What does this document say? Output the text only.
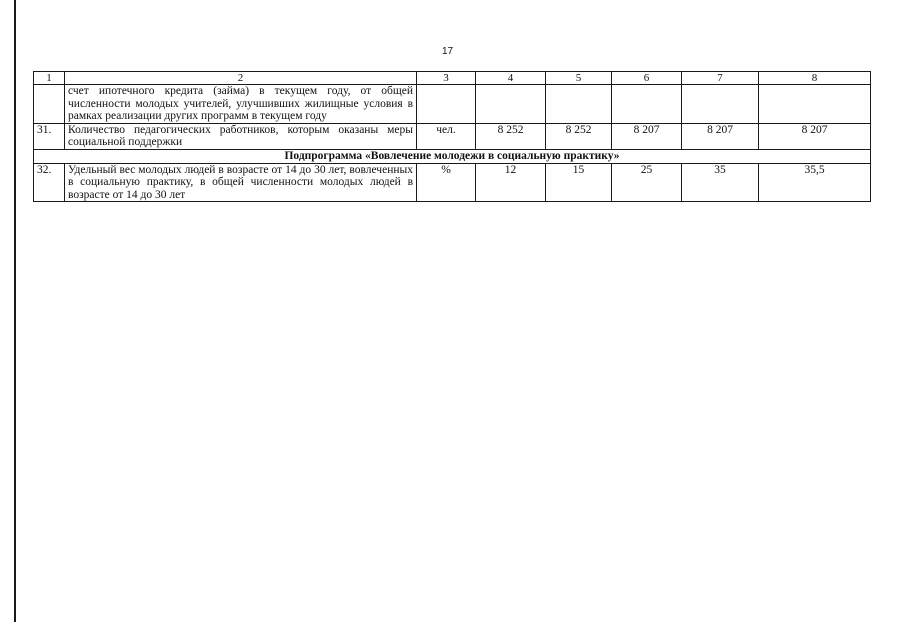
17
1	2	3	4	5	6	7	8
	счет ипотечного кредита (займа) в текущем году, от общей численности молодых учителей, улучшивших жилищные условия в рамках реализации других программ в текущем году						
31.	Количество педагогических работников, которым оказаны меры социальной поддержки	чел.	8 252	8 252	8 207	8 207	8 207
Подпрограмма «Вовлечение молодежи в социальную практику»							
32.	Удельный вес молодых людей в возрасте от 14 до 30 лет, вовлеченных в социальную практику, в общей численности молодых людей в возрасте от 14 до 30 лет	%	12	15	25	35	35,5
